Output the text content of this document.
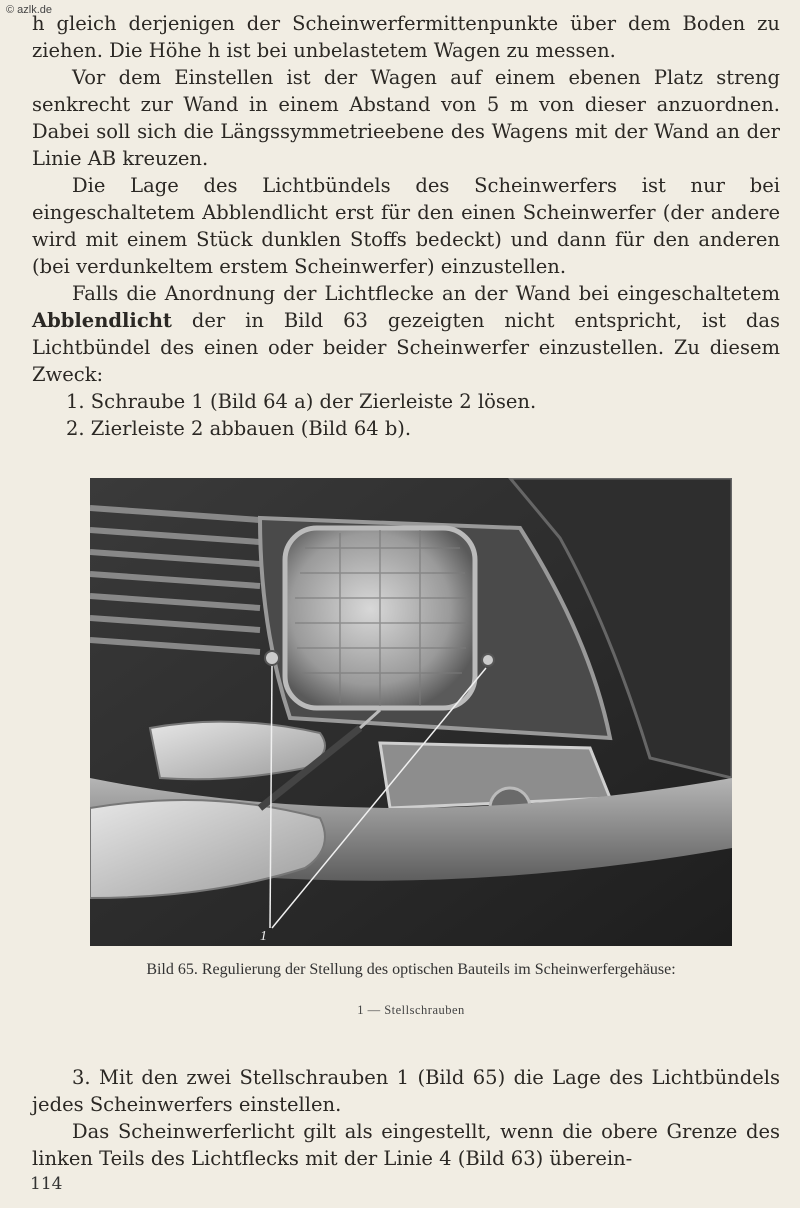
© azlk.de

h gleich derjenigen der Scheinwerfermittenpunkte über dem Boden zu ziehen. Die Höhe h ist bei unbelastetem Wagen zu messen.

Vor dem Einstellen ist der Wagen auf einem ebenen Platz streng senkrecht zur Wand in einem Abstand von 5 m von dieser anzuordnen. Dabei soll sich die Längssymmetrieebene des Wagens mit der Wand an der Linie AB kreuzen.

Die Lage des Lichtbündels des Scheinwerfers ist nur bei eingeschaltetem Abblendlicht erst für den einen Scheinwerfer (der andere wird mit einem Stück dunklen Stoffs bedeckt) und dann für den anderen (bei verdunkeltem erstem Scheinwerfer) einzustellen.

Falls die Anordnung der Lichtflecke an der Wand bei eingeschaltetem Abblendlicht der in Bild 63 gezeigten nicht entspricht, ist das Lichtbündel des einen oder beider Scheinwerfer einzustellen. Zu diesem Zweck:

1. Schraube 1 (Bild 64 a) der Zierleiste 2 lösen.

2. Zierleiste 2 abbauen (Bild 64 b).

1
Bild 65. Regulierung der Stellung des optischen Bauteils im Scheinwerfergehäuse:
1 — Stellschrauben

3. Mit den zwei Stellschrauben 1 (Bild 65) die Lage des Lichtbündels jedes Scheinwerfers einstellen.

Das Scheinwerferlicht gilt als eingestellt, wenn die obere Grenze des linken Teils des Lichtflecks mit der Linie 4 (Bild 63) überein-

114
